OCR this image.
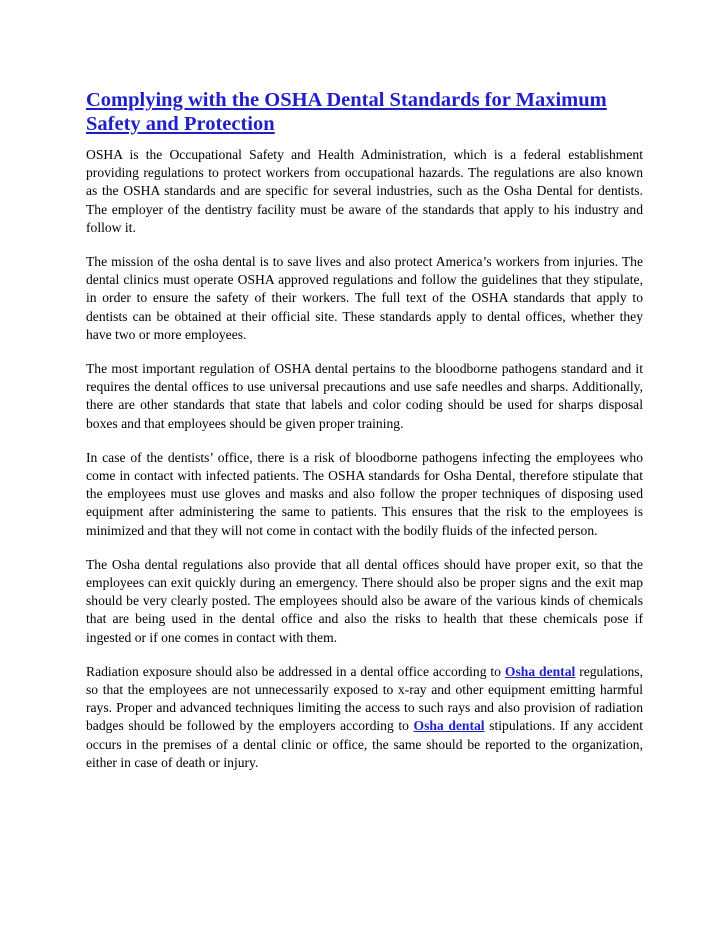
Complying with the OSHA Dental Standards for Maximum Safety and Protection

OSHA is the Occupational Safety and Health Administration, which is a federal establishment providing regulations to protect workers from occupational hazards. The regulations are also known as the OSHA standards and are specific for several industries, such as the Osha Dental for dentists. The employer of the dentistry facility must be aware of the standards that apply to his industry and follow it.

The mission of the osha dental is to save lives and also protect America’s workers from injuries. The dental clinics must operate OSHA approved regulations and follow the guidelines that they stipulate, in order to ensure the safety of their workers. The full text of the OSHA standards that apply to dentists can be obtained at their official site. These standards apply to dental offices, whether they have two or more employees.

The most important regulation of OSHA dental pertains to the bloodborne pathogens standard and it requires the dental offices to use universal precautions and use safe needles and sharps. Additionally, there are other standards that state that labels and color coding should be used for sharps disposal boxes and that employees should be given proper training.

In case of the dentists’ office, there is a risk of bloodborne pathogens infecting the employees who come in contact with infected patients. The OSHA standards for Osha Dental, therefore stipulate that the employees must use gloves and masks and also follow the proper techniques of disposing used equipment after administering the same to patients. This ensures that the risk to the employees is minimized and that they will not come in contact with the bodily fluids of the infected person.

The Osha dental regulations also provide that all dental offices should have proper exit, so that the employees can exit quickly during an emergency. There should also be proper signs and the exit map should be very clearly posted. The employees should also be aware of the various kinds of chemicals that are being used in the dental office and also the risks to health that these chemicals pose if ingested or if one comes in contact with them.

Radiation exposure should also be addressed in a dental office according to Osha dental regulations, so that the employees are not unnecessarily exposed to x-ray and other equipment emitting harmful rays. Proper and advanced techniques limiting the access to such rays and also provision of radiation badges should be followed by the employers according to Osha dental stipulations. If any accident occurs in the premises of a dental clinic or office, the same should be reported to the organization, either in case of death or injury.
